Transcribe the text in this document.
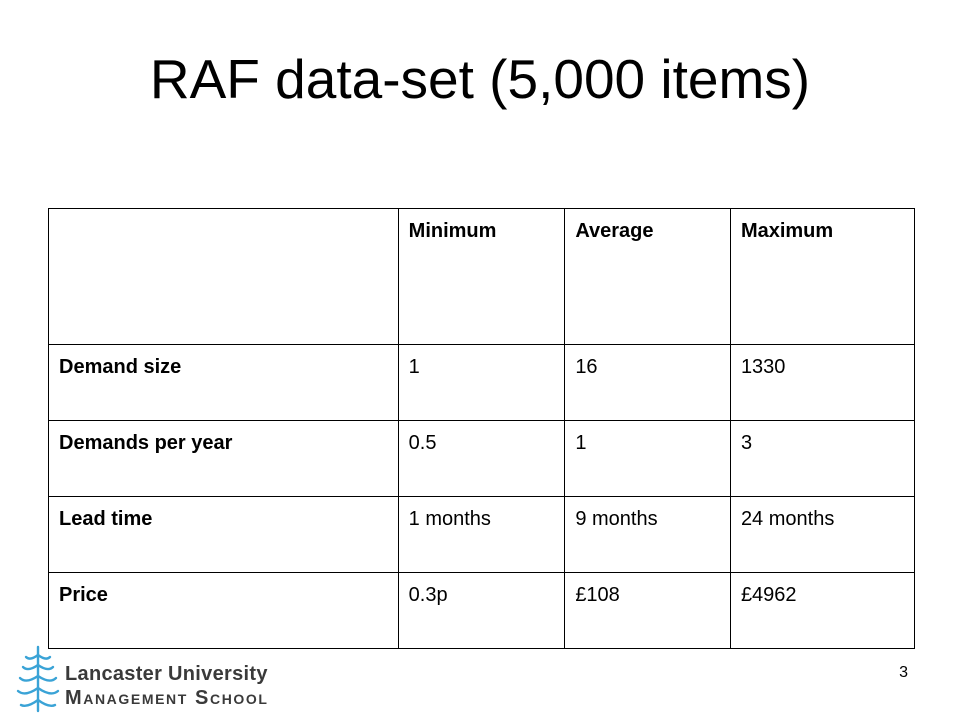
RAF data-set (5,000 items)
	Minimum	Average	Maximum
Demand size	1	16	1330
Demands per year	0.5	1	3
Lead time	1 months	9 months	24 months
Price	0.3p	£108	£4962
Lancaster University
Management School
3
